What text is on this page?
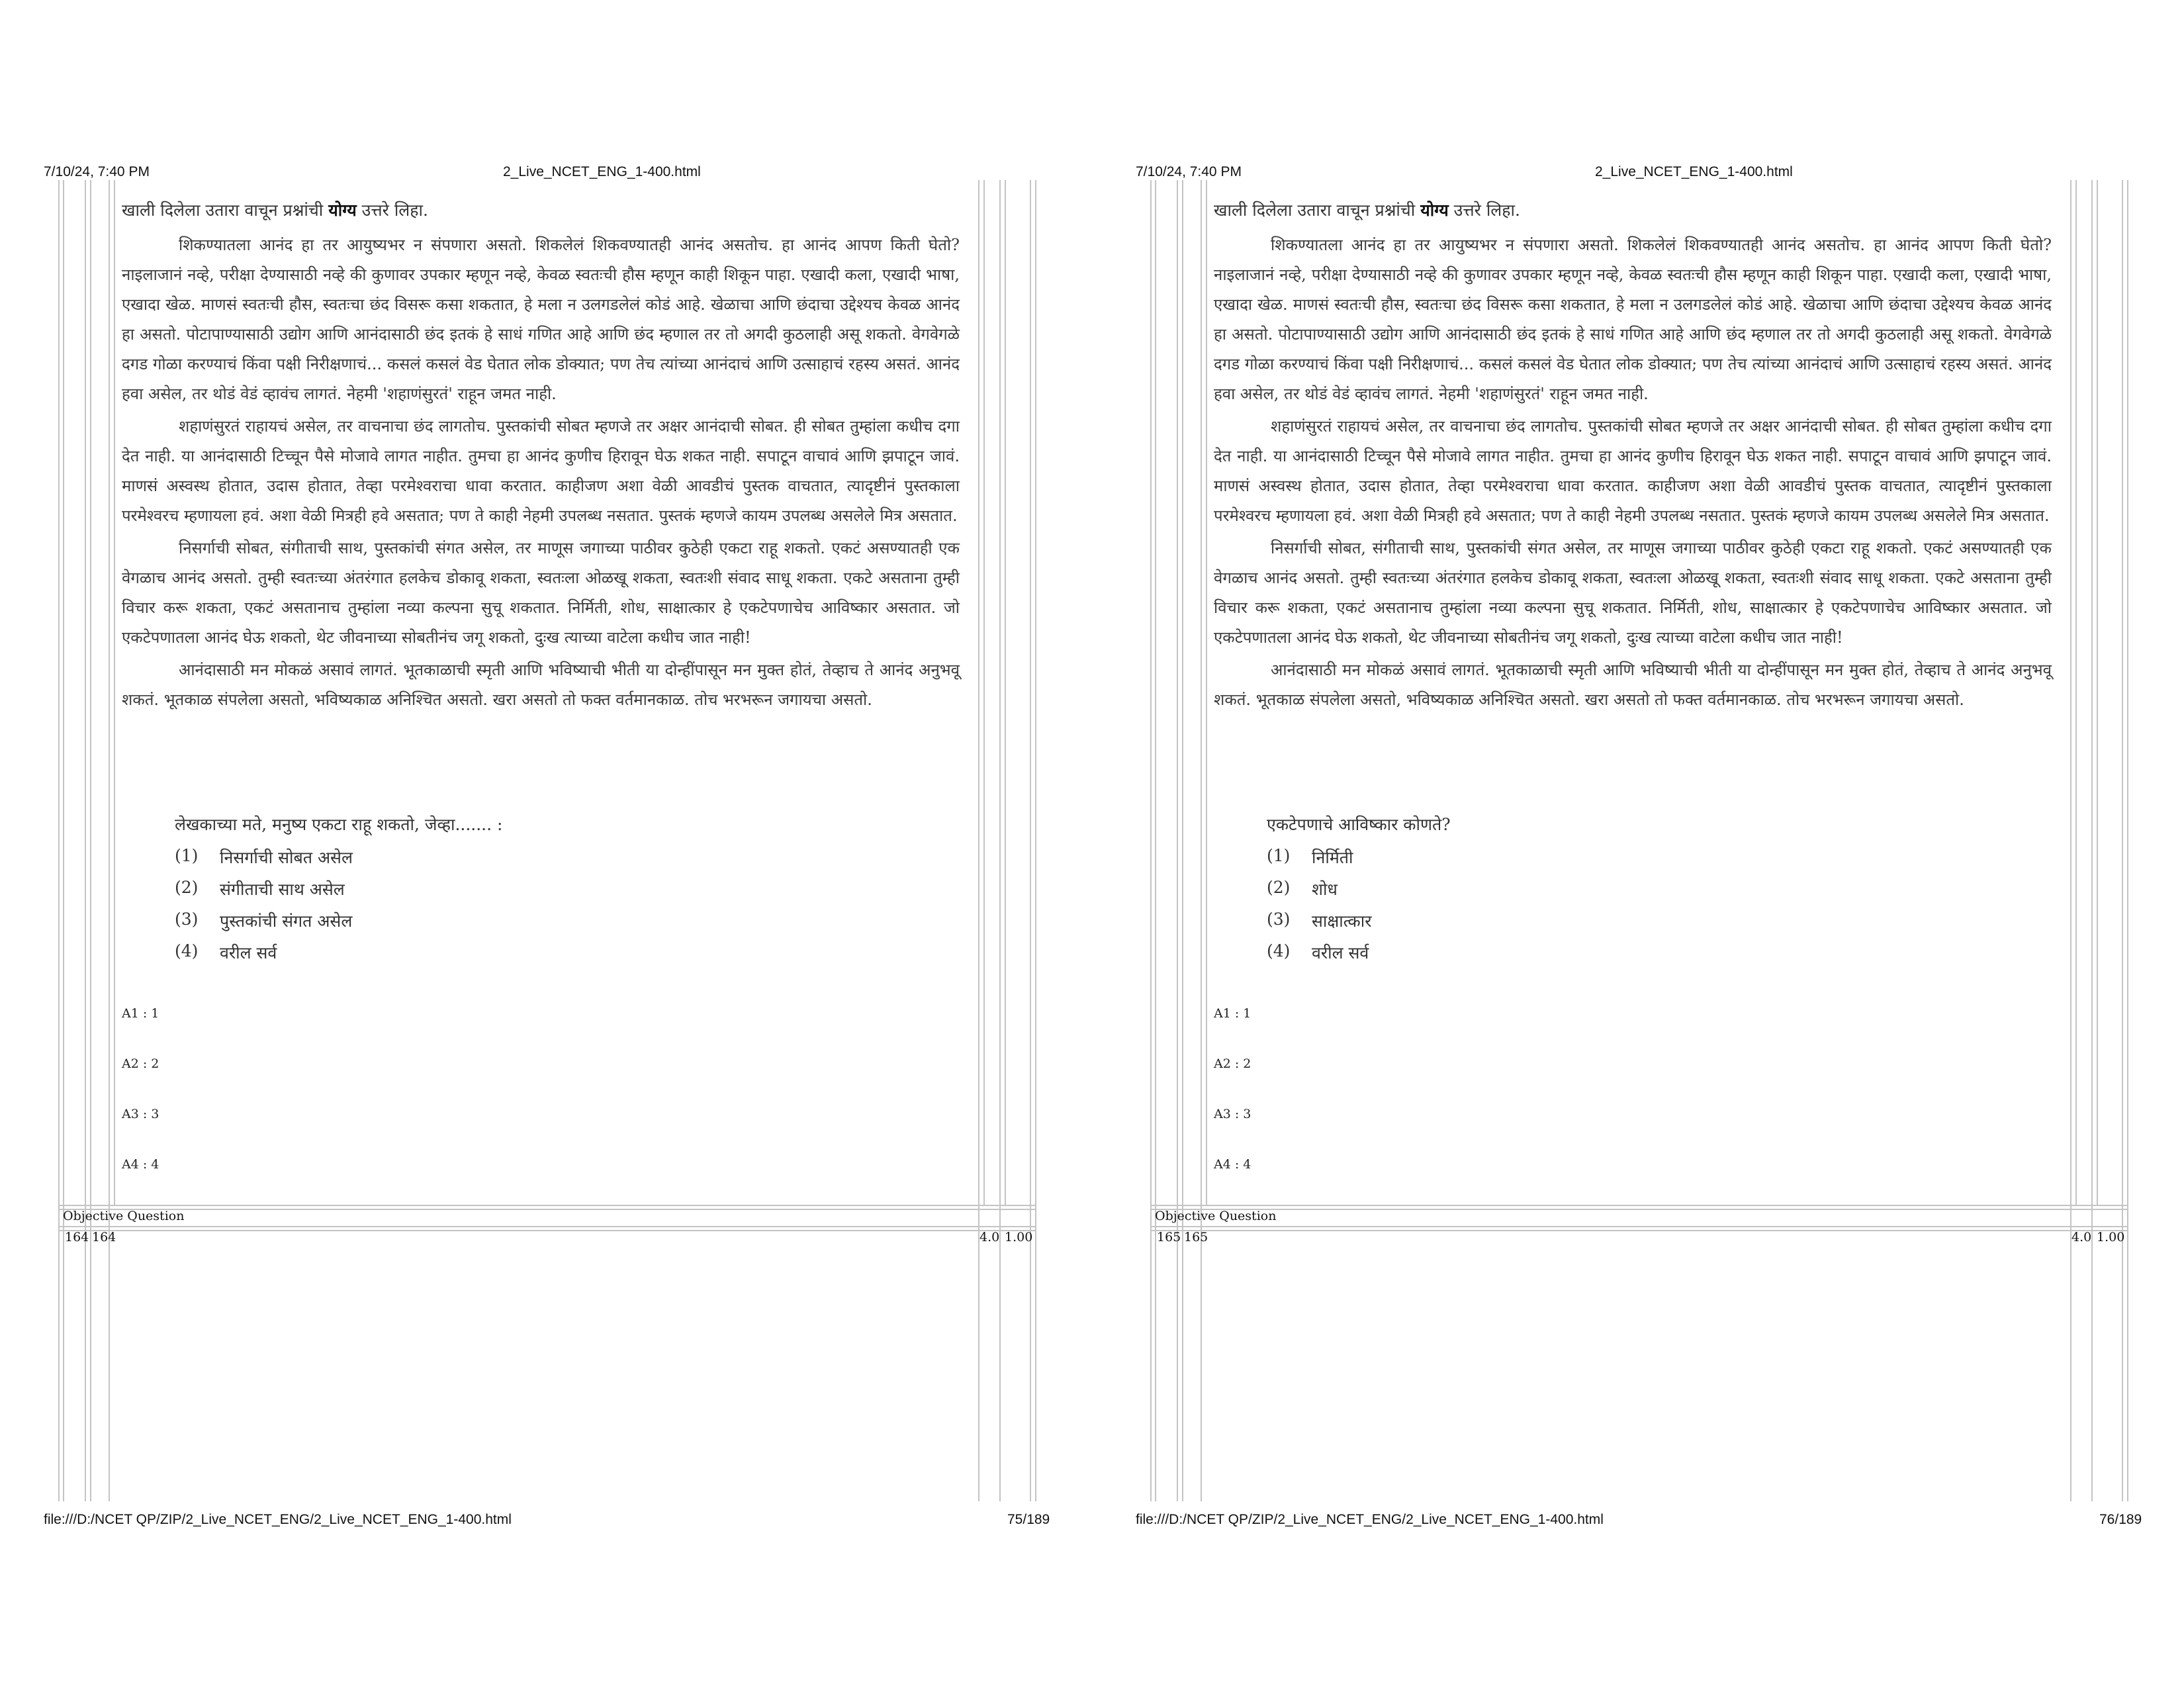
7/10/24, 7:40 PM	2_Live_NCET_ENG_1-400.html

खाली दिलेला उतारा वाचून प्रश्नांची योग्य उत्तरे लिहा.

शिकण्यातला आनंद हा तर आयुष्यभर न संपणारा असतो. शिकलेलं शिकवण्यातही आनंद असतोच. हा आनंद आपण किती घेतो? नाइलाजानं नव्हे, परीक्षा देण्यासाठी नव्हे की कुणावर उपकार म्हणून नव्हे, केवळ स्वतःची हौस म्हणून काही शिकून पाहा. एखादी कला, एखादी भाषा, एखादा खेळ. माणसं स्वतःची हौस, स्वतःचा छंद विसरू कसा शकतात, हे मला न उलगडलेलं कोडं आहे. खेळाचा आणि छंदाचा उद्देश्यच केवळ आनंद हा असतो. पोटापाण्यासाठी उद्योग आणि आनंदासाठी छंद इतकं हे साधं गणित आहे आणि छंद म्हणाल तर तो अगदी कुठलाही असू शकतो. वेगवेगळे दगड गोळा करण्याचं किंवा पक्षी निरीक्षणाचं... कसलं कसलं वेड घेतात लोक डोक्यात; पण तेच त्यांच्या आनंदाचं आणि उत्साहाचं रहस्य असतं. आनंद हवा असेल, तर थोडं वेडं व्हावंच लागतं. नेहमी 'शहाणंसुरतं' राहून जमत नाही.

शहाणंसुरतं राहायचं असेल, तर वाचनाचा छंद लागतोच. पुस्तकांची सोबत म्हणजे तर अक्षर आनंदाची सोबत. ही सोबत तुम्हांला कधीच दगा देत नाही. या आनंदासाठी टिच्चून पैसे मोजावे लागत नाहीत. तुमचा हा आनंद कुणीच हिरावून घेऊ शकत नाही. सपाटून वाचावं आणि झपाटून जावं. माणसं अस्वस्थ होतात, उदास होतात, तेव्हा परमेश्वराचा धावा करतात. काहीजण अशा वेळी आवडीचं पुस्तक वाचतात, त्यादृष्टीनं पुस्तकाला परमेश्वरच म्हणायला हवं. अशा वेळी मित्रही हवे असतात; पण ते काही नेहमी उपलब्ध नसतात. पुस्तकं म्हणजे कायम उपलब्ध असलेले मित्र असतात.

निसर्गाची सोबत, संगीताची साथ, पुस्तकांची संगत असेल, तर माणूस जगाच्या पाठीवर कुठेही एकटा राहू शकतो. एकटं असण्यातही एक वेगळाच आनंद असतो. तुम्ही स्वतःच्या अंतरंगात हलकेच डोकावू शकता, स्वतःला ओळखू शकता, स्वतःशी संवाद साधू शकता. एकटे असताना तुम्ही विचार करू शकता, एकटं असतानाच तुम्हांला नव्या कल्पना सुचू शकतात. निर्मिती, शोध, साक्षात्कार हे एकटेपणाचेच आविष्कार असतात. जो एकटेपणातला आनंद घेऊ शकतो, थेट जीवनाच्या सोबतीनंच जगू शकतो, दुःख त्याच्या वाटेला कधीच जात नाही!

आनंदासाठी मन मोकळं असावं लागतं. भूतकाळाची स्मृती आणि भविष्याची भीती या दोन्हींपासून मन मुक्त होतं, तेव्हाच ते आनंद अनुभवू शकतं. भूतकाळ संपलेला असतो, भविष्यकाळ अनिश्चित असतो. खरा असतो तो फक्त वर्तमानकाळ. तोच भरभरून जगायचा असतो.

लेखकाच्या मते, मनुष्य एकटा राहू शकतो, जेव्हा....... :
(1)	निसर्गाची सोबत असेल
(2)	संगीताची साथ असेल
(3)	पुस्तकांची संगत असेल
(4)	वरील सर्व
A1 : 1
A2 : 2
A3 : 3
A4 : 4
Objective Question
164 164	4.0 1.00
file:///D:/NCET QP/ZIP/2_Live_NCET_ENG/2_Live_NCET_ENG_1-400.html	75/189
7/10/24, 7:40 PM	2_Live_NCET_ENG_1-400.html

खाली दिलेला उतारा वाचून प्रश्नांची योग्य उत्तरे लिहा.

शिकण्यातला आनंद हा तर आयुष्यभर न संपणारा असतो. शिकलेलं शिकवण्यातही आनंद असतोच. हा आनंद आपण किती घेतो? नाइलाजानं नव्हे, परीक्षा देण्यासाठी नव्हे की कुणावर उपकार म्हणून नव्हे, केवळ स्वतःची हौस म्हणून काही शिकून पाहा. एखादी कला, एखादी भाषा, एखादा खेळ. माणसं स्वतःची हौस, स्वतःचा छंद विसरू कसा शकतात, हे मला न उलगडलेलं कोडं आहे. खेळाचा आणि छंदाचा उद्देश्यच केवळ आनंद हा असतो. पोटापाण्यासाठी उद्योग आणि आनंदासाठी छंद इतकं हे साधं गणित आहे आणि छंद म्हणाल तर तो अगदी कुठलाही असू शकतो. वेगवेगळे दगड गोळा करण्याचं किंवा पक्षी निरीक्षणाचं... कसलं कसलं वेड घेतात लोक डोक्यात; पण तेच त्यांच्या आनंदाचं आणि उत्साहाचं रहस्य असतं. आनंद हवा असेल, तर थोडं वेडं व्हावंच लागतं. नेहमी 'शहाणंसुरतं' राहून जमत नाही.

शहाणंसुरतं राहायचं असेल, तर वाचनाचा छंद लागतोच. पुस्तकांची सोबत म्हणजे तर अक्षर आनंदाची सोबत. ही सोबत तुम्हांला कधीच दगा देत नाही. या आनंदासाठी टिच्चून पैसे मोजावे लागत नाहीत. तुमचा हा आनंद कुणीच हिरावून घेऊ शकत नाही. सपाटून वाचावं आणि झपाटून जावं. माणसं अस्वस्थ होतात, उदास होतात, तेव्हा परमेश्वराचा धावा करतात. काहीजण अशा वेळी आवडीचं पुस्तक वाचतात, त्यादृष्टीनं पुस्तकाला परमेश्वरच म्हणायला हवं. अशा वेळी मित्रही हवे असतात; पण ते काही नेहमी उपलब्ध नसतात. पुस्तकं म्हणजे कायम उपलब्ध असलेले मित्र असतात.

निसर्गाची सोबत, संगीताची साथ, पुस्तकांची संगत असेल, तर माणूस जगाच्या पाठीवर कुठेही एकटा राहू शकतो. एकटं असण्यातही एक वेगळाच आनंद असतो. तुम्ही स्वतःच्या अंतरंगात हलकेच डोकावू शकता, स्वतःला ओळखू शकता, स्वतःशी संवाद साधू शकता. एकटे असताना तुम्ही विचार करू शकता, एकटं असतानाच तुम्हांला नव्या कल्पना सुचू शकतात. निर्मिती, शोध, साक्षात्कार हे एकटेपणाचेच आविष्कार असतात. जो एकटेपणातला आनंद घेऊ शकतो, थेट जीवनाच्या सोबतीनंच जगू शकतो, दुःख त्याच्या वाटेला कधीच जात नाही!

आनंदासाठी मन मोकळं असावं लागतं. भूतकाळाची स्मृती आणि भविष्याची भीती या दोन्हींपासून मन मुक्त होतं, तेव्हाच ते आनंद अनुभवू शकतं. भूतकाळ संपलेला असतो, भविष्यकाळ अनिश्चित असतो. खरा असतो तो फक्त वर्तमानकाळ. तोच भरभरून जगायचा असतो.

एकटेपणाचे आविष्कार कोणते?
(1)	निर्मिती
(2)	शोध
(3)	साक्षात्कार
(4)	वरील सर्व
A1 : 1
A2 : 2
A3 : 3
A4 : 4
Objective Question
165 165	4.0 1.00
file:///D:/NCET QP/ZIP/2_Live_NCET_ENG/2_Live_NCET_ENG_1-400.html	76/189
